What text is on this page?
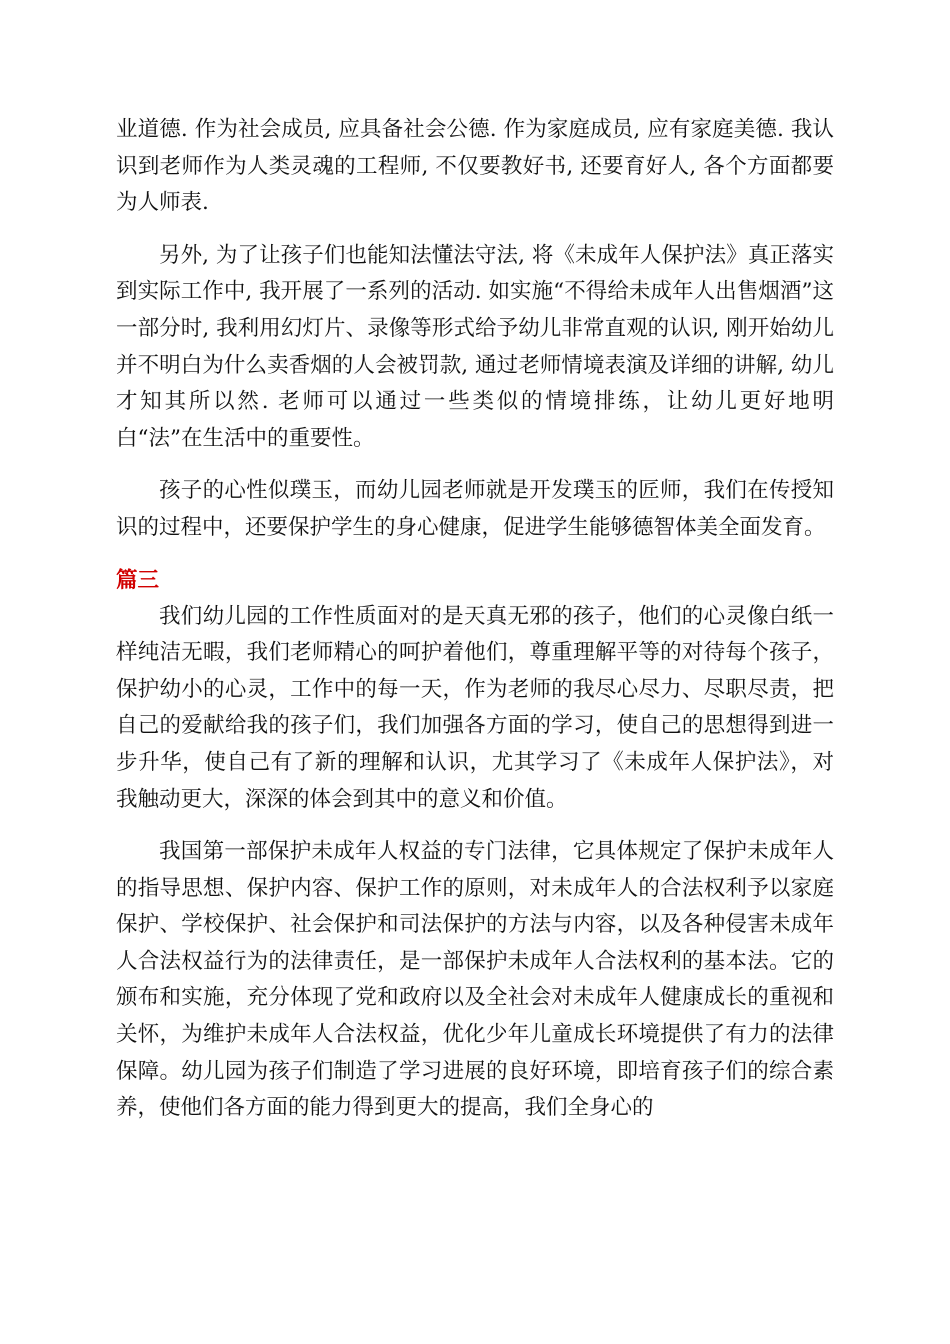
业道德. 作为社会成员, 应具备社会公德. 作为家庭成员, 应有家庭美德. 我认识到老师作为人类灵魂的工程师, 不仅要教好书, 还要育好人, 各个方面都要为人师表.

另外, 为了让孩子们也能知法懂法守法, 将《未成年人保护法》真正落实到实际工作中, 我开展了一系列的活动. 如实施“不得给未成年人出售烟酒”这一部分时, 我利用幻灯片、录像等形式给予幼儿非常直观的认识, 刚开始幼儿并不明白为什么卖香烟的人会被罚款, 通过老师情境表演及详细的讲解, 幼儿才知其所以然. 老师可以通过一些类似的情境排练，让幼儿更好地明白“法”在生活中的重要性。

孩子的心性似璞玉，而幼儿园老师就是开发璞玉的匠师，我们在传授知识的过程中，还要保护学生的身心健康，促进学生能够德智体美全面发育。

篇三

我们幼儿园的工作性质面对的是天真无邪的孩子，他们的心灵像白纸一样纯洁无暇，我们老师精心的呵护着他们，尊重理解平等的对待每个孩子，保护幼小的心灵，工作中的每一天，作为老师的我尽心尽力、尽职尽责，把自己的爱献给我的孩子们，我们加强各方面的学习，使自己的思想得到进一步升华，使自己有了新的理解和认识，尤其学习了《未成年人保护法》，对我触动更大，深深的体会到其中的意义和价值。

我国第一部保护未成年人权益的专门法律，它具体规定了保护未成年人的指导思想、保护内容、保护工作的原则，对未成年人的合法权利予以家庭保护、学校保护、社会保护和司法保护的方法与内容，以及各种侵害未成年人合法权益行为的法律责任，是一部保护未成年人合法权利的基本法。它的颁布和实施，充分体现了党和政府以及全社会对未成年人健康成长的重视和关怀，为维护未成年人合法权益，优化少年儿童成长环境提供了有力的法律保障。幼儿园为孩子们制造了学习进展的良好环境，即培育孩子们的综合素养，使他们各方面的能力得到更大的提高，我们全身心的
